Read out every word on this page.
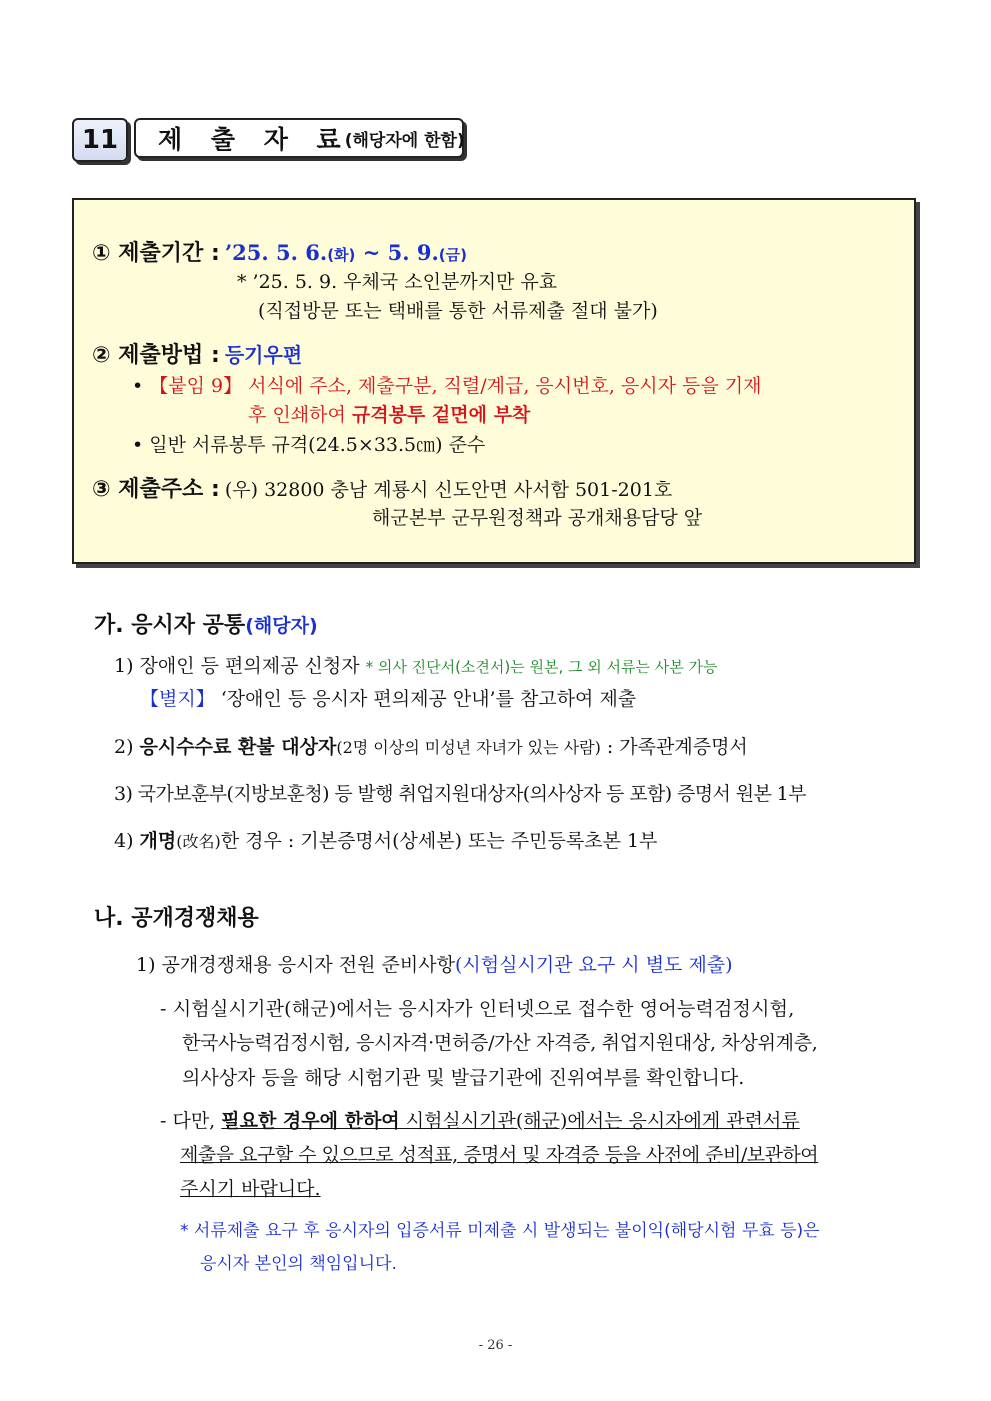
11	제 출 자 료
(해당자에 한함)
① 제출기간 : ’25. 5. 6.(화) ~ 5. 9.(금)
* ’25. 5. 9. 우체국 소인분까지만 유효
(직접방문 또는 택배를 통한 서류제출 절대 불가)
② 제출방법 : 등기우편
• 【붙임 9】 서식에 주소, 제출구분, 직렬/계급, 응시번호, 응시자 등을 기재
후 인쇄하여 규격봉투 겉면에 부착
• 일반 서류봉투 규격(24.5×33.5㎝) 준수
③ 제출주소 : (우) 32800 충남 계룡시 신도안면 사서함 501-201호
해군본부 군무원정책과 공개채용담당 앞
가. 응시자 공통(해당자)
1) 장애인 등 편의제공 신청자 * 의사 진단서(소견서)는 원본, 그 외 서류는 사본 가능
【별지】 ‘장애인 등 응시자 편의제공 안내’를 참고하여 제출
2) 응시수수료 환불 대상자(2명 이상의 미성년 자녀가 있는 사람) : 가족관계증명서
3) 국가보훈부(지방보훈청) 등 발행 취업지원대상자(의사상자 등 포함) 증명서 원본 1부
4) 개명(改名)한 경우 : 기본증명서(상세본) 또는 주민등록초본 1부
나. 공개경쟁채용
1) 공개경쟁채용 응시자 전원 준비사항(시험실시기관 요구 시 별도 제출)
- 시험실시기관(해군)에서는 응시자가 인터넷으로 접수한 영어능력검정시험,
한국사능력검정시험, 응시자격·면허증/가산 자격증, 취업지원대상, 차상위계층,
의사상자 등을 해당 시험기관 및 발급기관에 진위여부를 확인합니다.
- 다만, 필요한 경우에 한하여 시험실시기관(해군)에서는 응시자에게 관련서류
제출을 요구할 수 있으므로 성적표, 증명서 및 자격증 등을 사전에 준비/보관하여
주시기 바랍니다.
* 서류제출 요구 후 응시자의 입증서류 미제출 시 발생되는 불이익(해당시험 무효 등)은
응시자 본인의 책임입니다.
- 26 -
